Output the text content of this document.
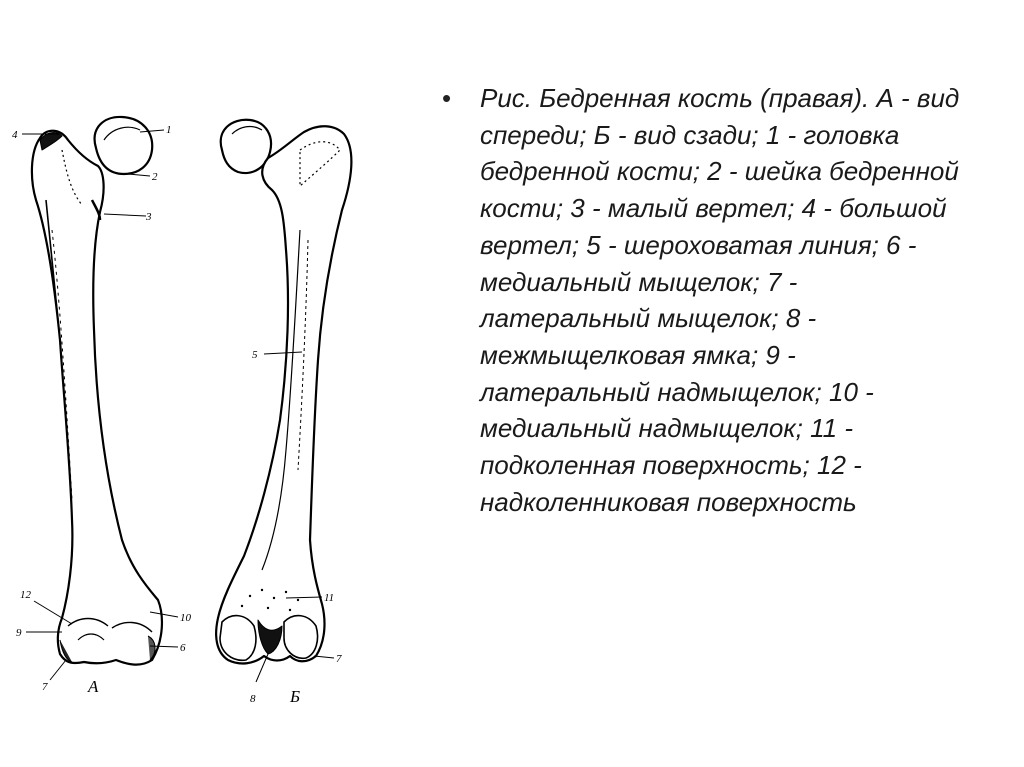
1
2
3
4
12
10
9
6
7 А
5
11
8
7
Б
•	Рис. Бедренная кость (правая). А - вид спереди; Б - вид сзади; 1 - головка бедренной кости; 2 - шейка бедренной кости; 3 - малый вертел; 4 - большой вертел; 5 - шероховатая линия; 6 - медиальный мыщелок; 7 - латеральный мыщелок; 8 - межмыщелковая ямка; 9 - латеральный надмыщелок; 10 - медиальный надмыщелок; 11 - подколенная поверхность; 12 - надколенниковая поверхность
